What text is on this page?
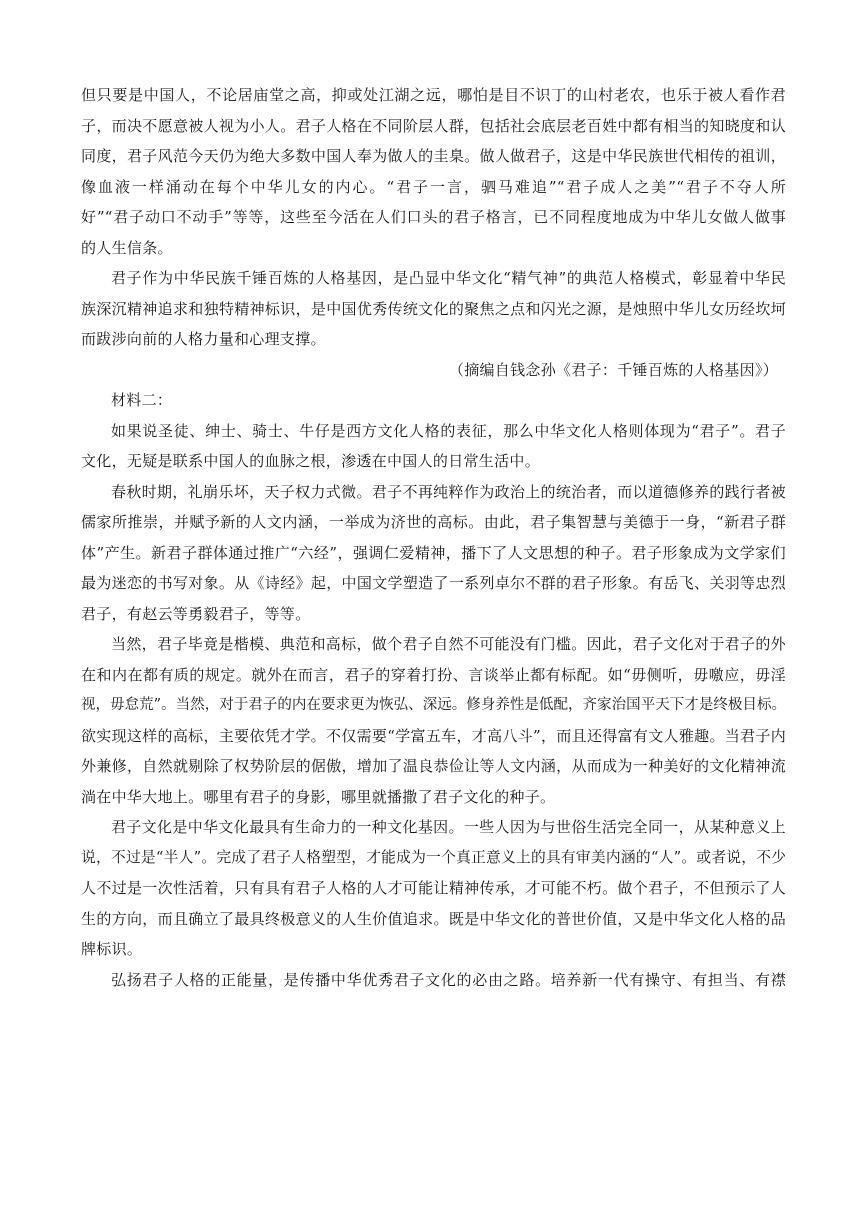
但只要是中国人，不论居庙堂之高，抑或处江湖之远，哪怕是目不识丁的山村老农，也乐于被人看作君
子，而决不愿意被人视为小人。君子人格在不同阶层人群，包括社会底层老百姓中都有相当的知晓度和认
同度，君子风范今天仍为绝大多数中国人奉为做人的圭臬。做人做君子，这是中华民族世代相传的祖训，
像血液一样涌动在每个中华儿女的内心。“君子一言，驷马难追”“君子成人之美”“君子不夺人所
好”“君子动口不动手”等等，这些至今活在人们口头的君子格言，已不同程度地成为中华儿女做人做事
的人生信条。
君子作为中华民族千锤百炼的人格基因，是凸显中华文化“精气神”的典范人格模式，彰显着中华民
族深沉精神追求和独特精神标识，是中国优秀传统文化的聚焦之点和闪光之源，是烛照中华儿女历经坎坷
而跋涉向前的人格力量和心理支撑。
（摘编自钱念孙《君子：千锤百炼的人格基因》）
材料二：
如果说圣徒、绅士、骑士、牛仔是西方文化人格的表征，那么中华文化人格则体现为“君子”。君子
文化，无疑是联系中国人的血脉之根，渗透在中国人的日常生活中。
春秋时期，礼崩乐坏，天子权力式微。君子不再纯粹作为政治上的统治者，而以道德修养的践行者被
儒家所推崇，并赋予新的人文内涵，一举成为济世的高标。由此，君子集智慧与美德于一身，“新君子群
体”产生。新君子群体通过推广“六经”，强调仁爱精神，播下了人文思想的种子。君子形象成为文学家们
最为迷恋的书写对象。从《诗经》起，中国文学塑造了一系列卓尔不群的君子形象。有岳飞、关羽等忠烈
君子，有赵云等勇毅君子，等等。
当然，君子毕竟是楷模、典范和高标，做个君子自然不可能没有门槛。因此，君子文化对于君子的外
在和内在都有质的规定。就外在而言，君子的穿着打扮、言谈举止都有标配。如“毋侧听，毋噭应，毋淫
视，毋怠荒”。当然，对于君子的内在要求更为恢弘、深远。修身养性是低配，齐家治国平天下才是终极目标。
欲实现这样的高标，主要依凭才学。不仅需要“学富五车，才高八斗”，而且还得富有文人雅趣。当君子内
外兼修，自然就剔除了权势阶层的倨傲，增加了温良恭俭让等人文内涵，从而成为一种美好的文化精神流
淌在中华大地上。哪里有君子的身影，哪里就播撒了君子文化的种子。
君子文化是中华文化最具有生命力的一种文化基因。一些人因为与世俗生活完全同一，从某种意义上
说，不过是“半人”。完成了君子人格塑型，才能成为一个真正意义上的具有审美内涵的“人”。或者说，不少
人不过是一次性活着，只有具有君子人格的人才可能让精神传承，才可能不朽。做个君子，不但预示了人
生的方向，而且确立了最具终极意义的人生价值追求。既是中华文化的普世价值，又是中华文化人格的品
牌标识。
弘扬君子人格的正能量，是传播中华优秀君子文化的必由之路。培养新一代有操守、有担当、有襟
